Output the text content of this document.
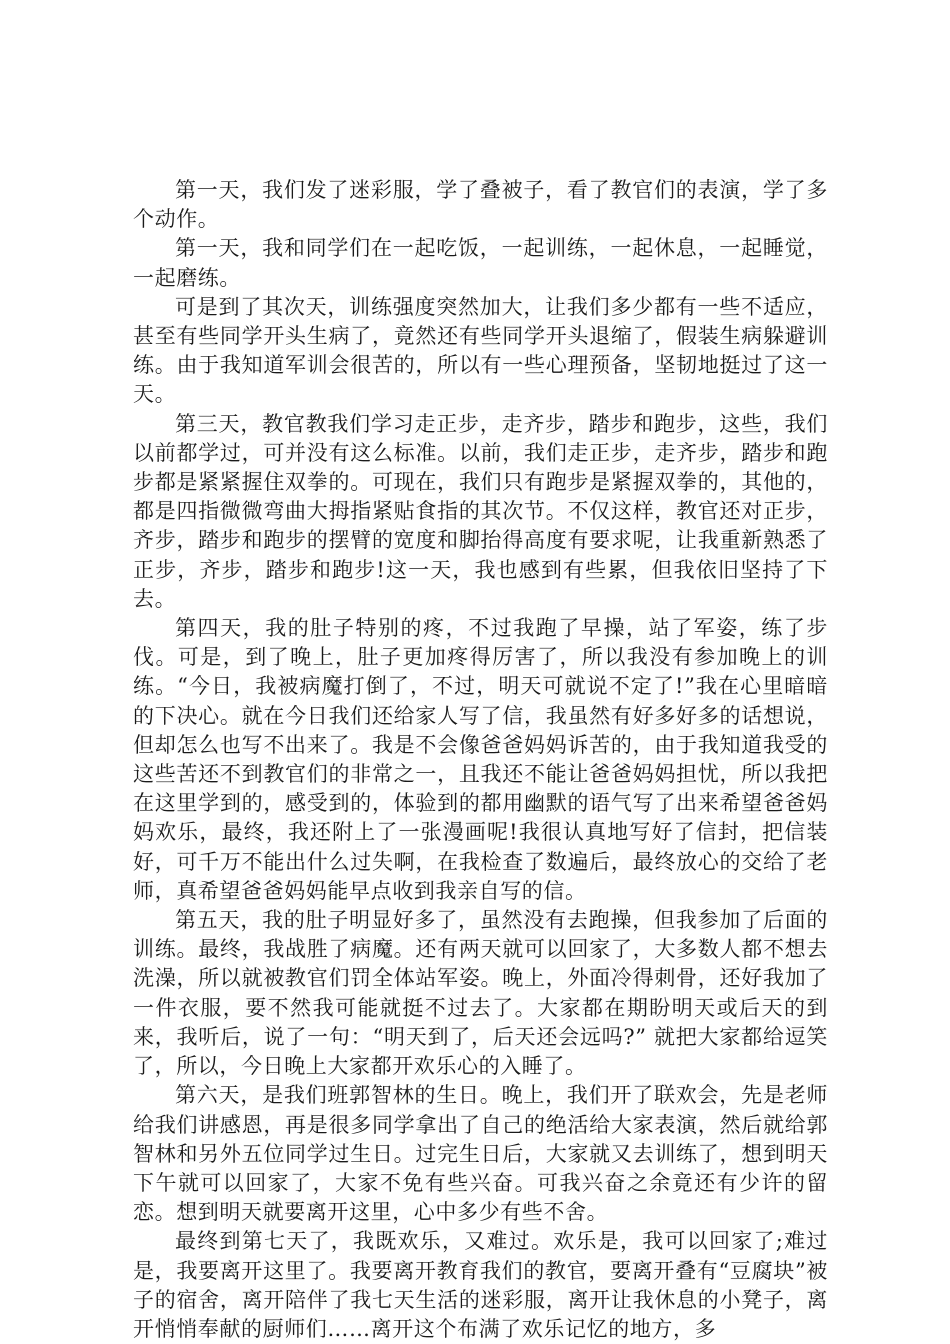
第一天，我们发了迷彩服，学了叠被子，看了教官们的表演，学了多个动作。

第一天，我和同学们在一起吃饭，一起训练，一起休息，一起睡觉，一起磨练。

可是到了其次天，训练强度突然加大，让我们多少都有一些不适应，甚至有些同学开头生病了，竟然还有些同学开头退缩了，假装生病躲避训练。由于我知道军训会很苦的，所以有一些心理预备，坚韧地挺过了这一天。

第三天，教官教我们学习走正步，走齐步，踏步和跑步，这些，我们以前都学过，可并没有这么标准。以前，我们走正步，走齐步，踏步和跑步都是紧紧握住双拳的。可现在，我们只有跑步是紧握双拳的，其他的，都是四指微微弯曲大拇指紧贴食指的其次节。不仅这样，教官还对正步，齐步，踏步和跑步的摆臂的宽度和脚抬得高度有要求呢，让我重新熟悉了正步，齐步，踏步和跑步!这一天，我也感到有些累，但我依旧坚持了下去。

第四天，我的肚子特别的疼，不过我跑了早操，站了军姿，练了步伐。可是，到了晚上，肚子更加疼得厉害了，所以我没有参加晚上的训练。“今日，我被病魔打倒了，不过，明天可就说不定了!”我在心里暗暗的下决心。就在今日我们还给家人写了信，我虽然有好多好多的话想说，但却怎么也写不出来了。我是不会像爸爸妈妈诉苦的，由于我知道我受的这些苦还不到教官们的非常之一，且我还不能让爸爸妈妈担忧，所以我把在这里学到的，感受到的，体验到的都用幽默的语气写了出来希望爸爸妈妈欢乐，最终，我还附上了一张漫画呢!我很认真地写好了信封，把信装好，可千万不能出什么过失啊，在我检查了数遍后，最终放心的交给了老师，真希望爸爸妈妈能早点收到我亲自写的信。

第五天，我的肚子明显好多了，虽然没有去跑操，但我参加了后面的训练。最终，我战胜了病魔。还有两天就可以回家了，大多数人都不想去洗澡，所以就被教官们罚全体站军姿。晚上，外面冷得刺骨，还好我加了一件衣服，要不然我可能就挺不过去了。大家都在期盼明天或后天的到来，我听后，说了一句：“明天到了，后天还会远吗?” 就把大家都给逗笑了，所以，今日晚上大家都开欢乐心的入睡了。

第六天，是我们班郭智林的生日。晚上，我们开了联欢会，先是老师给我们讲感恩，再是很多同学拿出了自己的绝活给大家表演，然后就给郭智林和另外五位同学过生日。过完生日后，大家就又去训练了，想到明天下午就可以回家了，大家不免有些兴奋。可我兴奋之余竟还有少许的留恋。想到明天就要离开这里，心中多少有些不舍。

最终到第七天了，我既欢乐，又难过。欢乐是，我可以回家了;难过是，我要离开这里了。我要离开教育我们的教官，要离开叠有“豆腐块”被子的宿舍，离开陪伴了我七天生活的迷彩服，离开让我休息的小凳子，离开悄悄奉献的厨师们……离开这个布满了欢乐记忆的地方，多
